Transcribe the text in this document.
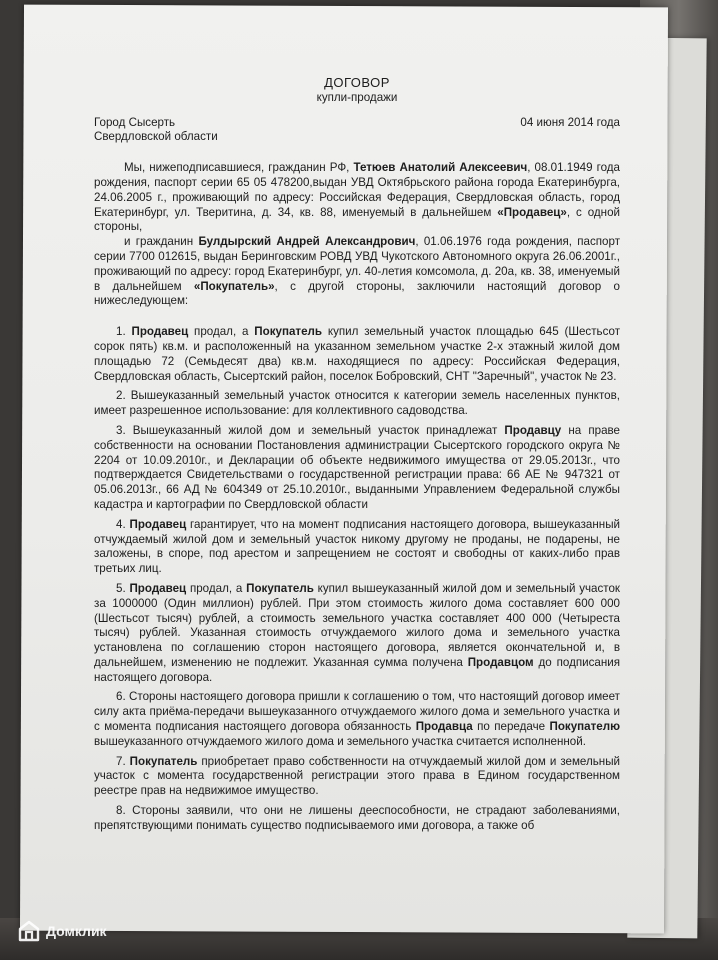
ДОГОВОР
купли-продажи
Город Сысерть	04 июня 2014 года
Свердловской области

Мы, нижеподписавшиеся, гражданин РФ, Тетюев Анатолий Алексеевич, 08.01.1949 года рождения, паспорт серии 65 05 478200,выдан УВД Октябрьского района города Екатеринбурга, 24.06.2005 г., проживающий по адресу: Российская Федерация, Свердловская область, город Екатеринбург, ул. Тверитина, д. 34, кв. 88, именуемый в дальнейшем «Продавец», с одной стороны,

и гражданин Булдырский Андрей Александрович, 01.06.1976 года рождения, паспорт серии 7700 012615, выдан Беринговским РОВД УВД Чукотского Автономного округа 26.06.2001г., проживающий по адресу: город Екатеринбург, ул. 40-летия комсомола, д. 20а, кв. 38, именуемый в дальнейшем «Покупатель», с другой стороны, заключили настоящий договор о нижеследующем:

1. Продавец продал, а Покупатель купил земельный участок площадью 645 (Шестьсот сорок пять) кв.м. и расположенный на указанном земельном участке 2-х этажный жилой дом площадью 72 (Семьдесят два) кв.м. находящиеся по адресу: Российская Федерация, Свердловская область, Сысертский район, поселок Бобровский, СНТ "Заречный", участок № 23.

2. Вышеуказанный земельный участок относится к категории земель населенных пунктов, имеет разрешенное использование: для коллективного садоводства.

3. Вышеуказанный жилой дом и земельный участок принадлежат Продавцу на праве собственности на основании Постановления администрации Сысертского городского округа № 2204 от 10.09.2010г., и Декларации об объекте недвижимого имущества от 29.05.2013г., что подтверждается Свидетельствами о государственной регистрации права: 66 АЕ № 947321 от 05.06.2013г., 66 АД № 604349 от 25.10.2010г., выданными Управлением Федеральной службы кадастра и картографии по Свердловской области

4. Продавец гарантирует, что на момент подписания настоящего договора, вышеуказанный отчуждаемый жилой дом и земельный участок никому другому не проданы, не подарены, не заложены, в споре, под арестом и запрещением не состоят и свободны от каких-либо прав третьих лиц.

5. Продавец продал, а Покупатель купил вышеуказанный жилой дом и земельный участок за 1000000 (Один миллион) рублей. При этом стоимость жилого дома составляет 600 000 (Шестьсот тысяч) рублей, а стоимость земельного участка составляет 400 000 (Четыреста тысяч) рублей. Указанная стоимость отчуждаемого жилого дома и земельного участка установлена по соглашению сторон настоящего договора, является окончательной и, в дальнейшем, изменению не подлежит. Указанная сумма получена Продавцом до подписания настоящего договора.

6. Стороны настоящего договора пришли к соглашению о том, что настоящий договор имеет силу акта приёма-передачи вышеуказанного отчуждаемого жилого дома и земельного участка и с момента подписания настоящего договора обязанность Продавца по передаче Покупателю вышеуказанного отчуждаемого жилого дома и земельного участка считается исполненной.

7. Покупатель приобретает право собственности на отчуждаемый жилой дом и земельный участок с момента государственной регистрации этого права в Едином государственном реестре прав на недвижимое имущество.

8. Стороны заявили, что они не лишены дееспособности, не страдают заболеваниями, препятствующими понимать существо подписываемого ими договора, а также об

Домклик
